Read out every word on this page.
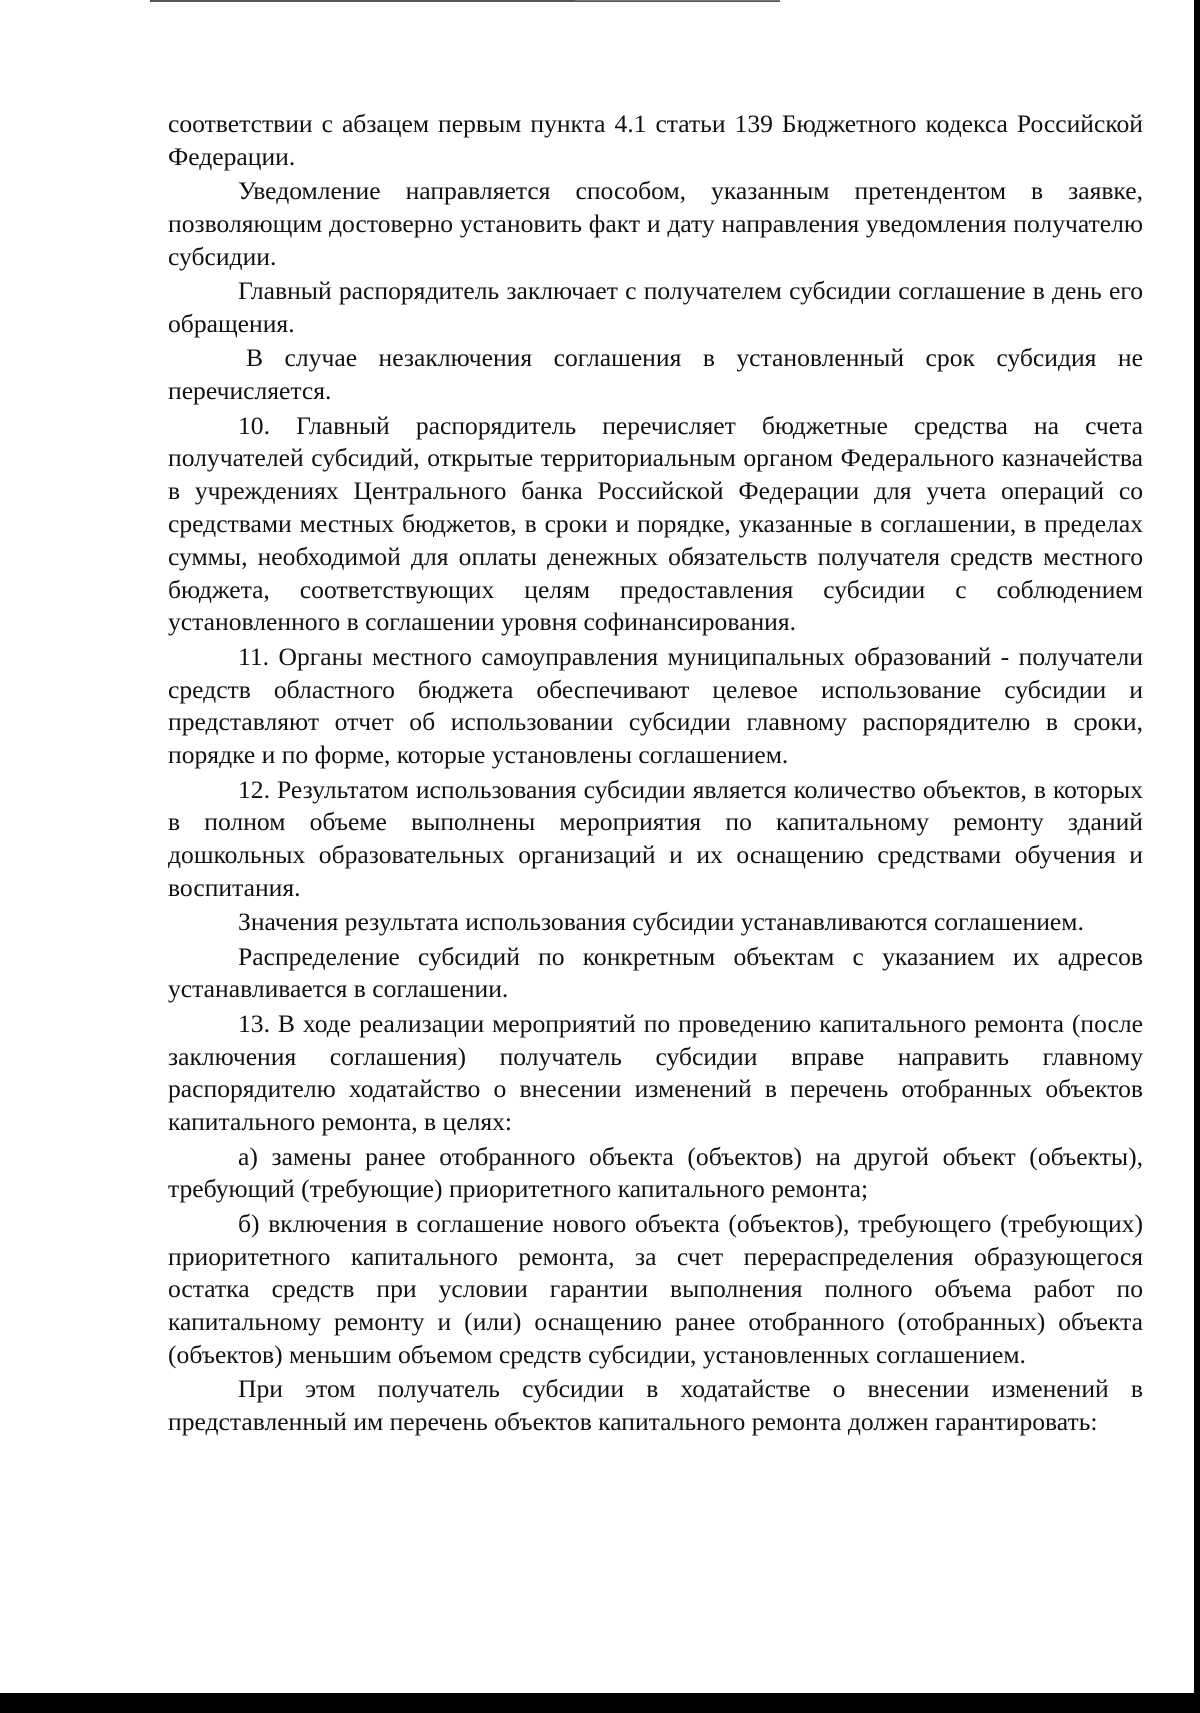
соответствии с абзацем первым пункта 4.1 статьи 139 Бюджетного кодекса Российской Федерации.

Уведомление направляется способом, указанным претендентом в заявке, позволяющим достоверно установить факт и дату направления уведомления получателю субсидии.

Главный распорядитель заключает с получателем субсидии соглашение в день его обращения.

В случае незаключения соглашения в установленный срок субсидия не перечисляется.

10. Главный распорядитель перечисляет бюджетные средства на счета получателей субсидий, открытые территориальным органом Федерального казначейства в учреждениях Центрального банка Российской Федерации для учета операций со средствами местных бюджетов, в сроки и порядке, указанные в соглашении, в пределах суммы, необходимой для оплаты денежных обязательств получателя средств местного бюджета, соответствующих целям предоставления субсидии с соблюдением установленного в соглашении уровня софинансирования.

11. Органы местного самоуправления муниципальных образований - получатели средств областного бюджета обеспечивают целевое использование субсидии и представляют отчет об использовании субсидии главному распорядителю в сроки, порядке и по форме, которые установлены соглашением.

12. Результатом использования субсидии является количество объектов, в которых в полном объеме выполнены мероприятия по капитальному ремонту зданий дошкольных образовательных организаций и их оснащению средствами обучения и воспитания.

Значения результата использования субсидии устанавливаются соглашением.

Распределение субсидий по конкретным объектам с указанием их адресов устанавливается в соглашении.

13. В ходе реализации мероприятий по проведению капитального ремонта (после заключения соглашения) получатель субсидии вправе направить главному распорядителю ходатайство о внесении изменений в перечень отобранных объектов капитального ремонта, в целях:

а) замены ранее отобранного объекта (объектов) на другой объект (объекты), требующий (требующие) приоритетного капитального ремонта;

б) включения в соглашение нового объекта (объектов), требующего (требующих) приоритетного капитального ремонта, за счет перераспределения образующегося остатка средств при условии гарантии выполнения полного объема работ по капитальному ремонту и (или) оснащению ранее отобранного (отобранных) объекта (объектов) меньшим объемом средств субсидии, установленных соглашением.

При этом получатель субсидии в ходатайстве о внесении изменений в представленный им перечень объектов капитального ремонта должен гарантировать:
